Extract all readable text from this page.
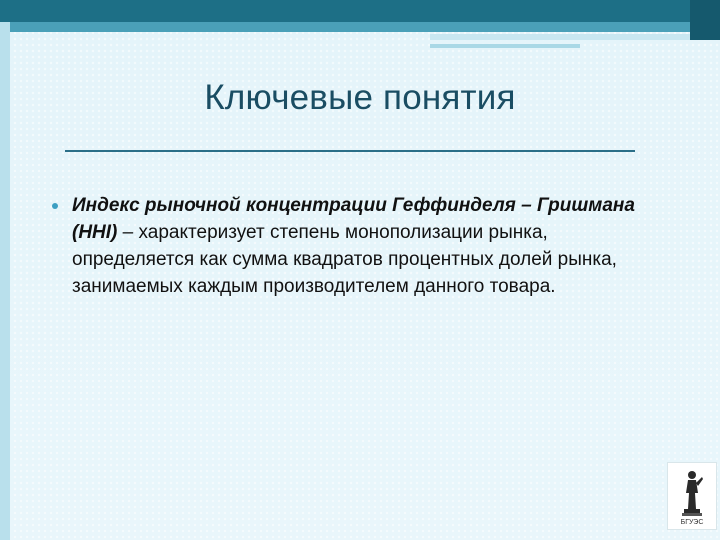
Ключевые понятия
Индекс рыночной концентрации Геффинделя – Гришмана (HHI) – характеризует степень монополизации рынка, определяется как сумма квадратов процентных долей рынка, занимаемых каждым производителем данного товара.
БГУЭС
